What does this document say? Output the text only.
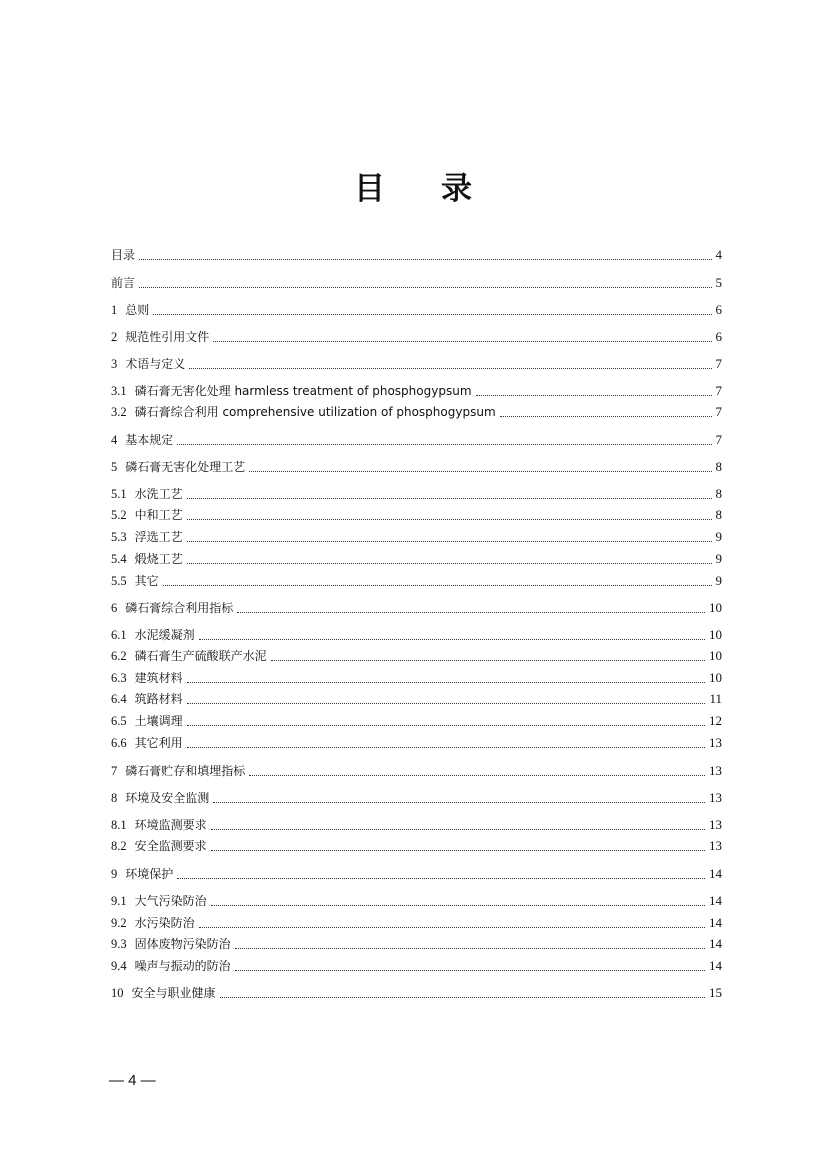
目录
目录	4
前言	5
1 总则	6
2 规范性引用文件	6
3 术语与定义	7
3.1 磷石膏无害化处理 harmless treatment of phosphogypsum	7
3.2 磷石膏综合利用 comprehensive utilization of phosphogypsum	7
4 基本规定	7
5 磷石膏无害化处理工艺	8
5.1 水洗工艺	8
5.2 中和工艺	8
5.3 浮选工艺	9
5.4 煅烧工艺	9
5.5 其它	9
6 磷石膏综合利用指标	10
6.1 水泥缓凝剂	10
6.2 磷石膏生产硫酸联产水泥	10
6.3 建筑材料	10
6.4 筑路材料	11
6.5 土壤调理	12
6.6 其它利用	13
7 磷石膏贮存和填埋指标	13
8 环境及安全监测	13
8.1 环境监测要求	13
8.2 安全监测要求	13
9 环境保护	14
9.1 大气污染防治	14
9.2 水污染防治	14
9.3 固体废物污染防治	14
9.4 噪声与振动的防治	14
10 安全与职业健康	15
— 4 —
